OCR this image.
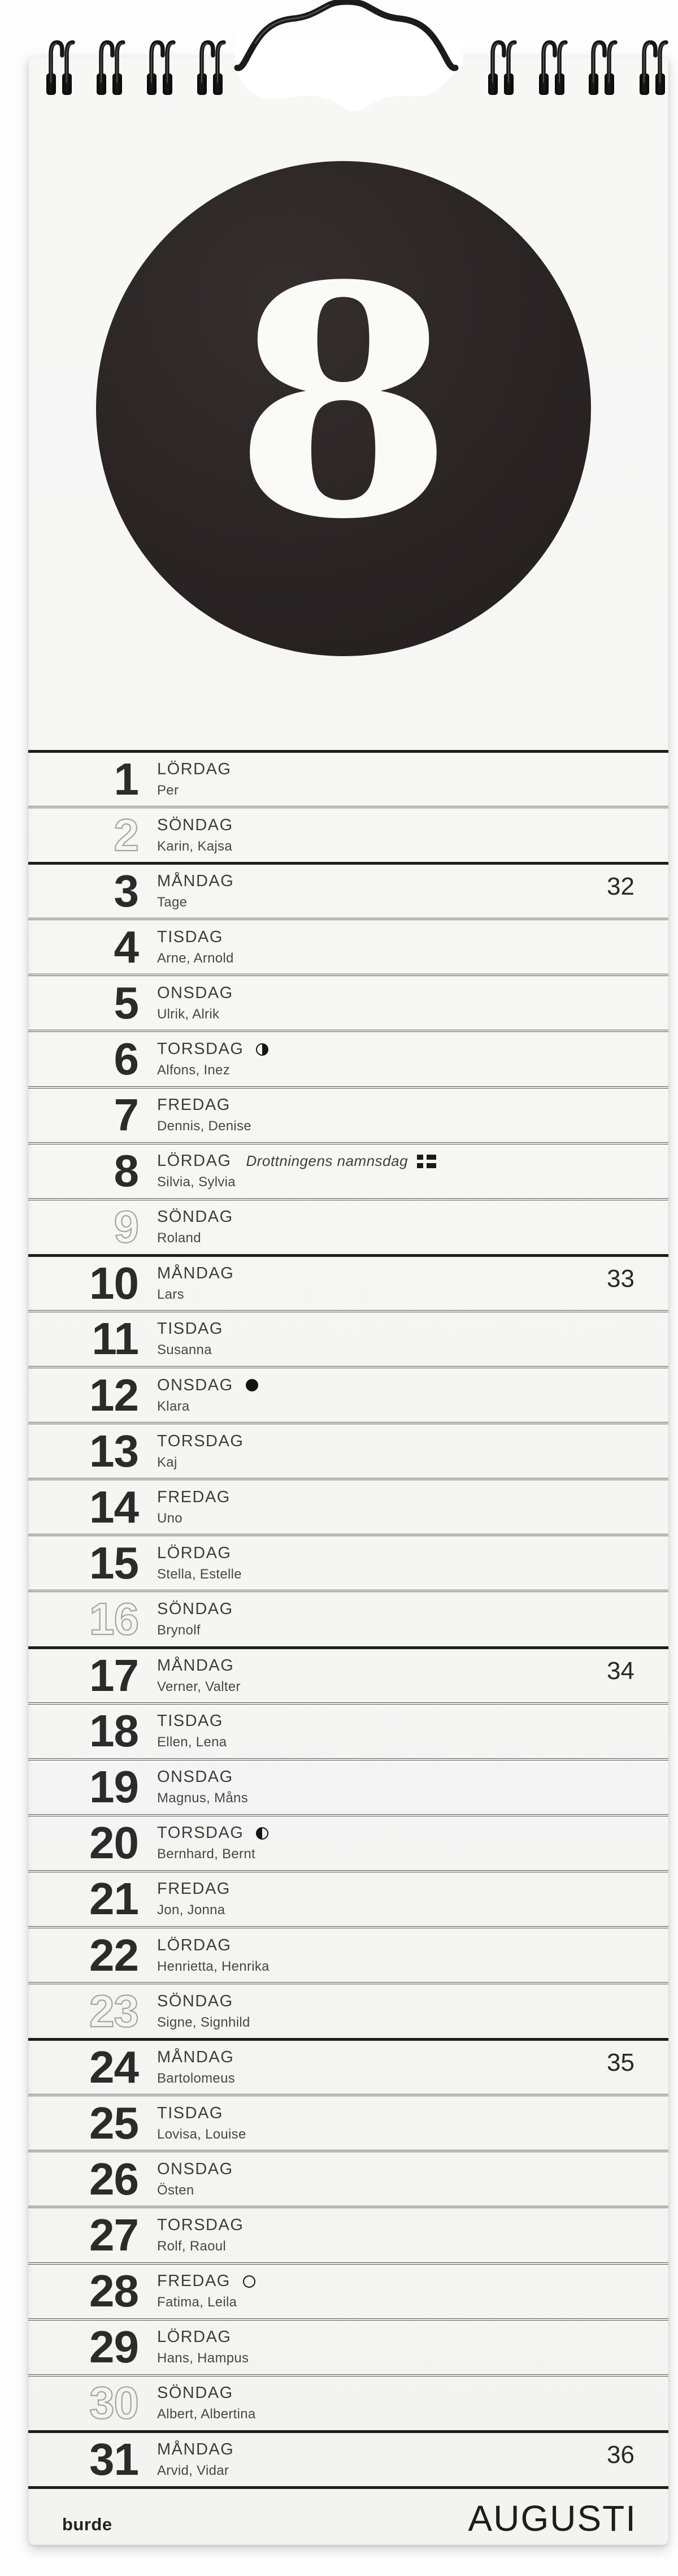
8
1 LÖRDAG
Per
2 SÖNDAG
Karin, Kajsa
3 MÅNDAG
Tage
32
4 TISDAG
Arne, Arnold
5 ONSDAG
Ulrik, Alrik
6 TORSDAG
Alfons, Inez
7 FREDAG
Dennis, Denise
8 LÖRDAG Drottningens namnsdag
Silvia, Sylvia
9 SÖNDAG
Roland
10 MÅNDAG
Lars
33
11 TISDAG
Susanna
12 ONSDAG
Klara
13 TORSDAG
Kaj
14 FREDAG
Uno
15 LÖRDAG
Stella, Estelle
16 SÖNDAG
Brynolf
17 MÅNDAG
Verner, Valter
34
18 TISDAG
Ellen, Lena
19 ONSDAG
Magnus, Måns
20 TORSDAG
Bernhard, Bernt
21 FREDAG
Jon, Jonna
22 LÖRDAG
Henrietta, Henrika
23 SÖNDAG
Signe, Signhild
24 MÅNDAG
Bartolomeus
35
25 TISDAG
Lovisa, Louise
26 ONSDAG
Östen
27 TORSDAG
Rolf, Raoul
28 FREDAG
Fatima, Leila
29 LÖRDAG
Hans, Hampus
30 SÖNDAG
Albert, Albertina
31 MÅNDAG
Arvid, Vidar
36
burde	AUGUSTI
